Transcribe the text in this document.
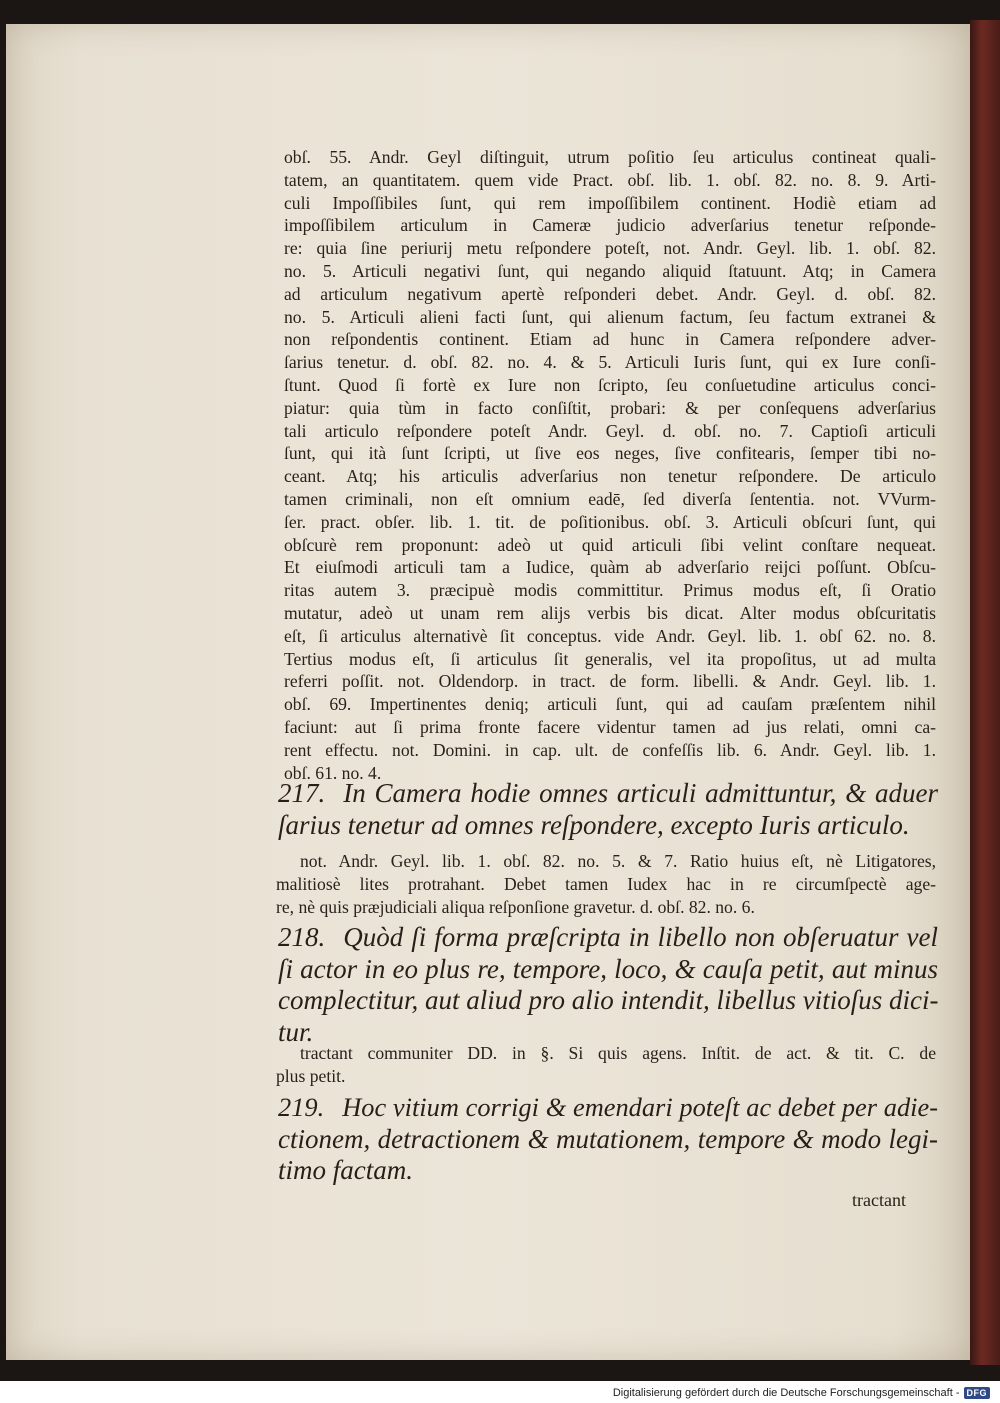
obſ. 55. Andr. Geyl diſtinguit, utrum poſitio ſeu articulus contineat quali-
tatem, an quantitatem. quem vide Pract. obſ. lib. 1. obſ. 82. no. 8. 9. Arti-
culi Impoſſibiles ſunt, qui rem impoſſibilem continent. Hodiè etiam ad
impoſſibilem articulum in Cameræ judicio adverſarius tenetur reſponde-
re: quia ſine periurij metu reſpondere poteſt, not. Andr. Geyl. lib. 1. obſ. 82.
no. 5. Articuli negativi ſunt, qui negando aliquid ſtatuunt. Atq; in Camera
ad articulum negativum apertè reſponderi debet. Andr. Geyl. d. obſ. 82.
no. 5. Articuli alieni facti ſunt, qui alienum factum, ſeu factum extranei &
non reſpondentis continent. Etiam ad hunc in Camera reſpondere adver-
ſarius tenetur. d. obſ. 82. no. 4. & 5. Articuli Iuris ſunt, qui ex Iure conſi-
ſtunt. Quod ſi fortè ex Iure non ſcripto, ſeu conſuetudine articulus conci-
piatur: quia tùm in facto conſiſtit, probari: & per conſequens adverſarius
tali articulo reſpondere poteſt Andr. Geyl. d. obſ. no. 7. Captioſi articuli
ſunt, qui ità ſunt ſcripti, ut ſive eos neges, ſive confitearis, ſemper tibi no-
ceant. Atq; his articulis adverſarius non tenetur reſpondere. De articulo
tamen criminali, non eſt omnium eadē, ſed diverſa ſententia. not. VVurm-
ſer. pract. obſer. lib. 1. tit. de poſitionibus. obſ. 3. Articuli obſcuri ſunt, qui
obſcurè rem proponunt: adeò ut quid articuli ſibi velint conſtare nequeat.
Et eiuſmodi articuli tam a Iudice, quàm ab adverſario reijci poſſunt. Obſcu-
ritas autem 3. præcipuè modis committitur. Primus modus eſt, ſi Oratio
mutatur, adeò ut unam rem alijs verbis bis dicat. Alter modus obſcuritatis
eſt, ſi articulus alternativè ſit conceptus. vide Andr. Geyl. lib. 1. obſ 62. no. 8.
Tertius modus eſt, ſi articulus ſit generalis, vel ita propoſitus, ut ad multa
referri poſſit. not. Oldendorp. in tract. de form. libelli. & Andr. Geyl. lib. 1.
obſ. 69. Impertinentes deniq; articuli ſunt, qui ad cauſam præſentem nihil
faciunt: aut ſi prima fronte facere videntur tamen ad jus relati, omni ca-
rent effectu. not. Domini. in cap. ult. de confeſſis lib. 6. Andr. Geyl. lib. 1.
obſ. 61. no. 4.
217. In Camera hodie omnes articuli admittuntur, & aduer
ſarius tenetur ad omnes reſpondere, excepto Iuris articulo.
not. Andr. Geyl. lib. 1. obſ. 82. no. 5. & 7. Ratio huius eſt, nè Litigatores,
malitiosè lites protrahant. Debet tamen Iudex hac in re circumſpectè age-
re, nè quis præjudiciali aliqua reſponſione gravetur. d. obſ. 82. no. 6.
218. Quòd ſi forma præſcripta in libello non obſeruatur vel
ſi actor in eo plus re, tempore, loco, & cauſa petit, aut minus
complectitur, aut aliud pro alio intendit, libellus vitioſus dici-
tur.
tractant communiter DD. in §. Si quis agens. Inſtit. de act. & tit. C. de
plus petit.
219. Hoc vitium corrigi & emendari poteſt ac debet per adie-
ctionem, detractionem & mutationem, tempore & modo legi-
timo factam.
tractant
Digitalisierung gefördert durch die Deutsche Forschungsgemeinschaft - DFG
